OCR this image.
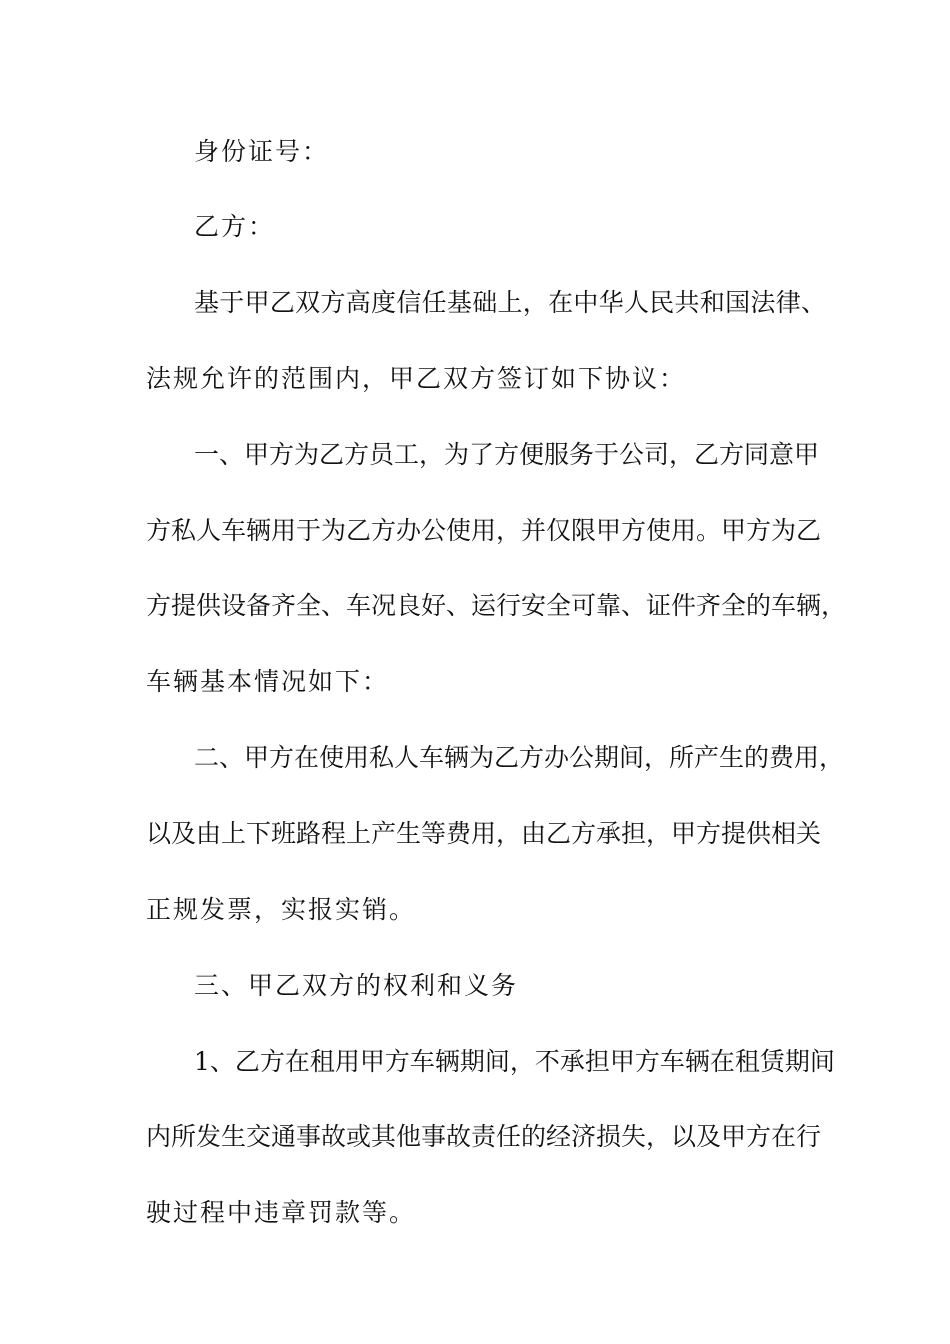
身份证号：
乙方：
基于甲乙双方高度信任基础上，在中华人民共和国法律、
法规允许的范围内，甲乙双方签订如下协议：
一、甲方为乙方员工，为了方便服务于公司，乙方同意甲
方私人车辆用于为乙方办公使用，并仅限甲方使用。甲方为乙
方提供设备齐全、车况良好、运行安全可靠、证件齐全的车辆，
车辆基本情况如下：
二、甲方在使用私人车辆为乙方办公期间，所产生的费用，
以及由上下班路程上产生等费用，由乙方承担，甲方提供相关
正规发票，实报实销。
三、甲乙双方的权利和义务
1、乙方在租用甲方车辆期间，不承担甲方车辆在租赁期间
内所发生交通事故或其他事故责任的经济损失，以及甲方在行
驶过程中违章罚款等。
